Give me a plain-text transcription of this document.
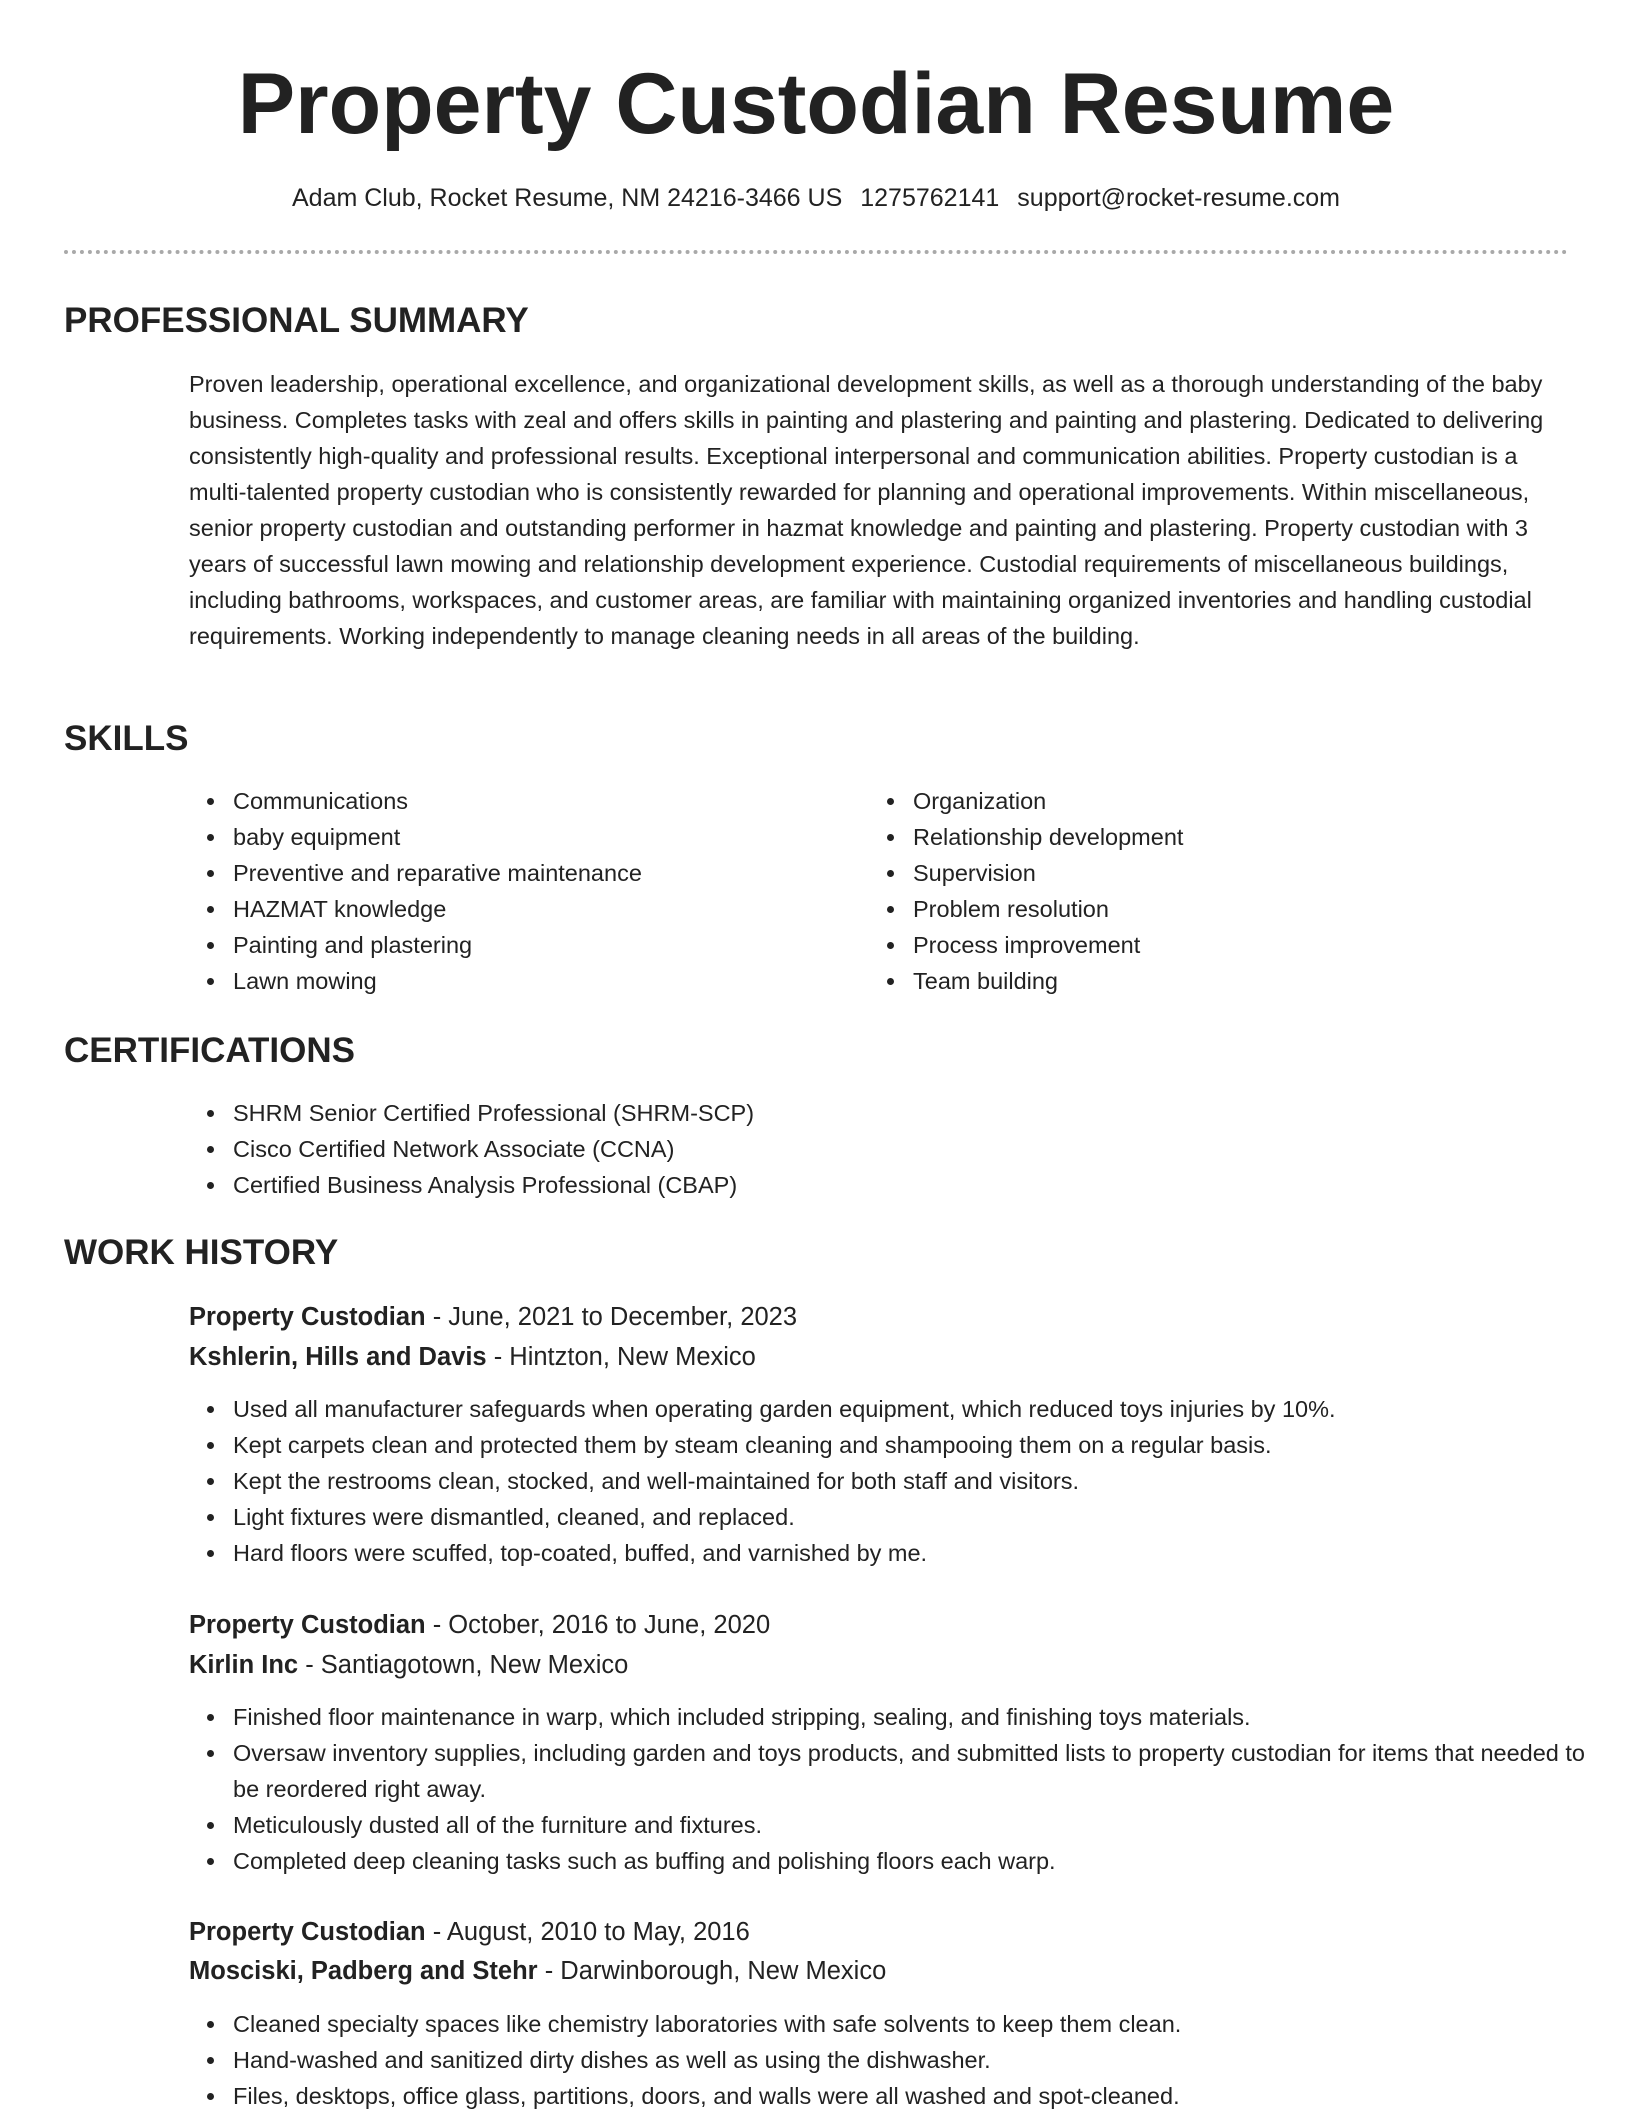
Property Custodian Resume
Adam Club, Rocket Resume, NM 24216-3466 US 1275762141 support@rocket-resume.com
PROFESSIONAL SUMMARY

Proven leadership, operational excellence, and organizational development skills, as well as a thorough understanding of the baby business. Completes tasks with zeal and offers skills in painting and plastering and painting and plastering. Dedicated to delivering consistently high-quality and professional results. Exceptional interpersonal and communication abilities. Property custodian is a multi-talented property custodian who is consistently rewarded for planning and operational improvements. Within miscellaneous, senior property custodian and outstanding performer in hazmat knowledge and painting and plastering. Property custodian with 3 years of successful lawn mowing and relationship development experience. Custodial requirements of miscellaneous buildings, including bathrooms, workspaces, and customer areas, are familiar with maintaining organized inventories and handling custodial requirements. Working independently to manage cleaning needs in all areas of the building.

SKILLS
Communications
baby equipment
Preventive and reparative maintenance
HAZMAT knowledge
Painting and plastering
Lawn mowing
Organization
Relationship development
Supervision
Problem resolution
Process improvement
Team building
CERTIFICATIONS
SHRM Senior Certified Professional (SHRM-SCP)
Cisco Certified Network Associate (CCNA)
Certified Business Analysis Professional (CBAP)
WORK HISTORY
Property Custodian - June, 2021 to December, 2023
Kshlerin, Hills and Davis - Hintzton, New Mexico
Used all manufacturer safeguards when operating garden equipment, which reduced toys injuries by 10%.
Kept carpets clean and protected them by steam cleaning and shampooing them on a regular basis.
Kept the restrooms clean, stocked, and well-maintained for both staff and visitors.
Light fixtures were dismantled, cleaned, and replaced.
Hard floors were scuffed, top-coated, buffed, and varnished by me.
Property Custodian - October, 2016 to June, 2020
Kirlin Inc - Santiagotown, New Mexico
Finished floor maintenance in warp, which included stripping, sealing, and finishing toys materials.
Oversaw inventory supplies, including garden and toys products, and submitted lists to property custodian for items that needed to be reordered right away.
Meticulously dusted all of the furniture and fixtures.
Completed deep cleaning tasks such as buffing and polishing floors each warp.
Property Custodian - August, 2010 to May, 2016
Mosciski, Padberg and Stehr - Darwinborough, New Mexico
Cleaned specialty spaces like chemistry laboratories with safe solvents to keep them clean.
Hand-washed and sanitized dirty dishes as well as using the dishwasher.
Files, desktops, office glass, partitions, doors, and walls were all washed and spot-cleaned.
